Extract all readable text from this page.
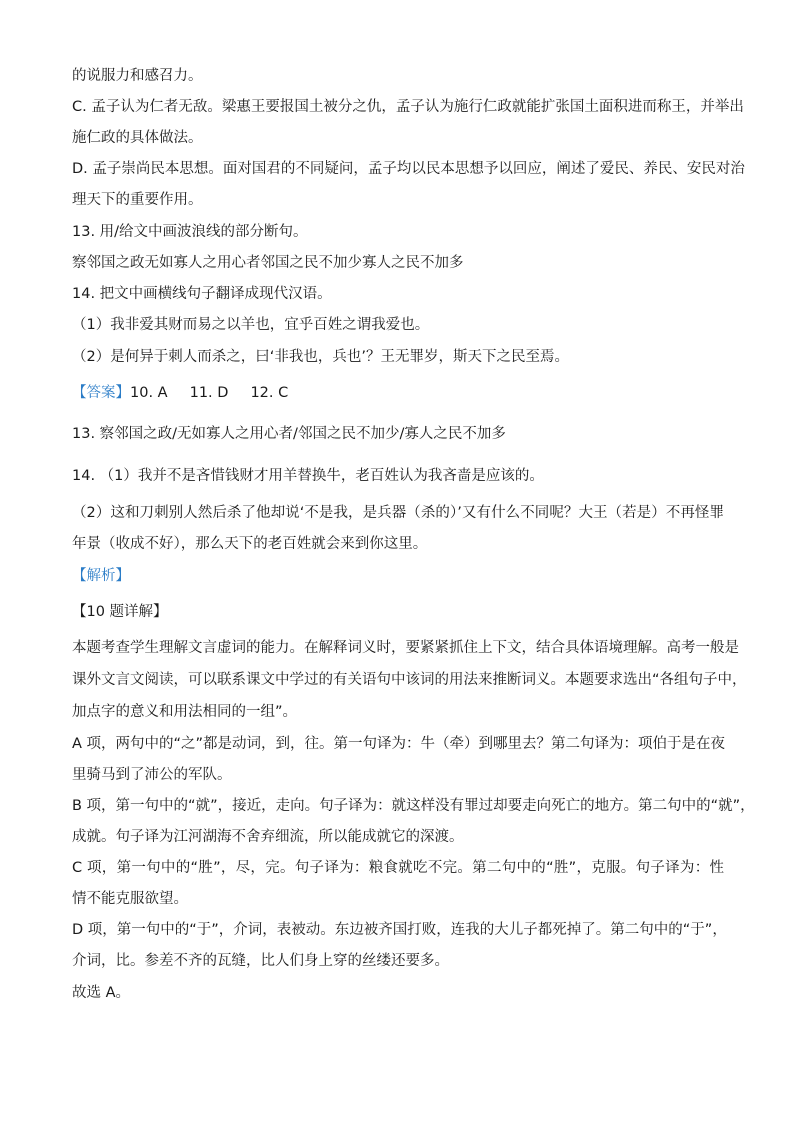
的说服力和感召力。
C. 孟子认为仁者无敌。梁惠王要报国土被分之仇，孟子认为施行仁政就能扩张国土面积进而称王，并举出
施仁政的具体做法。
D. 孟子崇尚民本思想。面对国君的不同疑问，孟子均以民本思想予以回应，阐述了爱民、养民、安民对治
理天下的重要作用。
13. 用/给文中画波浪线的部分断句。
察邻国之政无如寡人之用心者邻国之民不加少寡人之民不加多
14. 把文中画横线句子翻译成现代汉语。
（1）我非爱其财而易之以羊也，宜乎百姓之谓我爱也。
（2）是何异于刺人而杀之，曰‘非我也，兵也’？王无罪岁，斯天下之民至焉。
【答案】10. A 11. D 12. C
13. 察邻国之政/无如寡人之用心者/邻国之民不加少/寡人之民不加多
14. （1）我并不是吝惜钱财才用羊替换牛，老百姓认为我吝啬是应该的。
（2）这和刀刺别人然后杀了他却说‘不是我，是兵器（杀的）’又有什么不同呢？大王（若是）不再怪罪
年景（收成不好），那么天下的老百姓就会来到你这里。
【解析】
【10 题详解】
本题考查学生理解文言虚词的能力。在解释词义时，要紧紧抓住上下文，结合具体语境理解。高考一般是
课外文言文阅读，可以联系课文中学过的有关语句中该词的用法来推断词义。本题要求选出“各组句子中，
加点字的意义和用法相同的一组”。
A 项，两句中的“之”都是动词，到，往。第一句译为：牛（牵）到哪里去？第二句译为：项伯于是在夜
里骑马到了沛公的军队。
B 项，第一句中的“就”，接近，走向。句子译为：就这样没有罪过却要走向死亡的地方。第二句中的“就”，
成就。句子译为江河湖海不舍弃细流，所以能成就它的深渡。
C 项，第一句中的“胜”，尽，完。句子译为：粮食就吃不完。第二句中的“胜”，克服。句子译为：性
情不能克服欲望。
D 项，第一句中的“于”，介词，表被动。东边被齐国打败，连我的大儿子都死掉了。第二句中的“于”，
介词，比。参差不齐的瓦缝，比人们身上穿的丝缕还要多。
故选 A。
